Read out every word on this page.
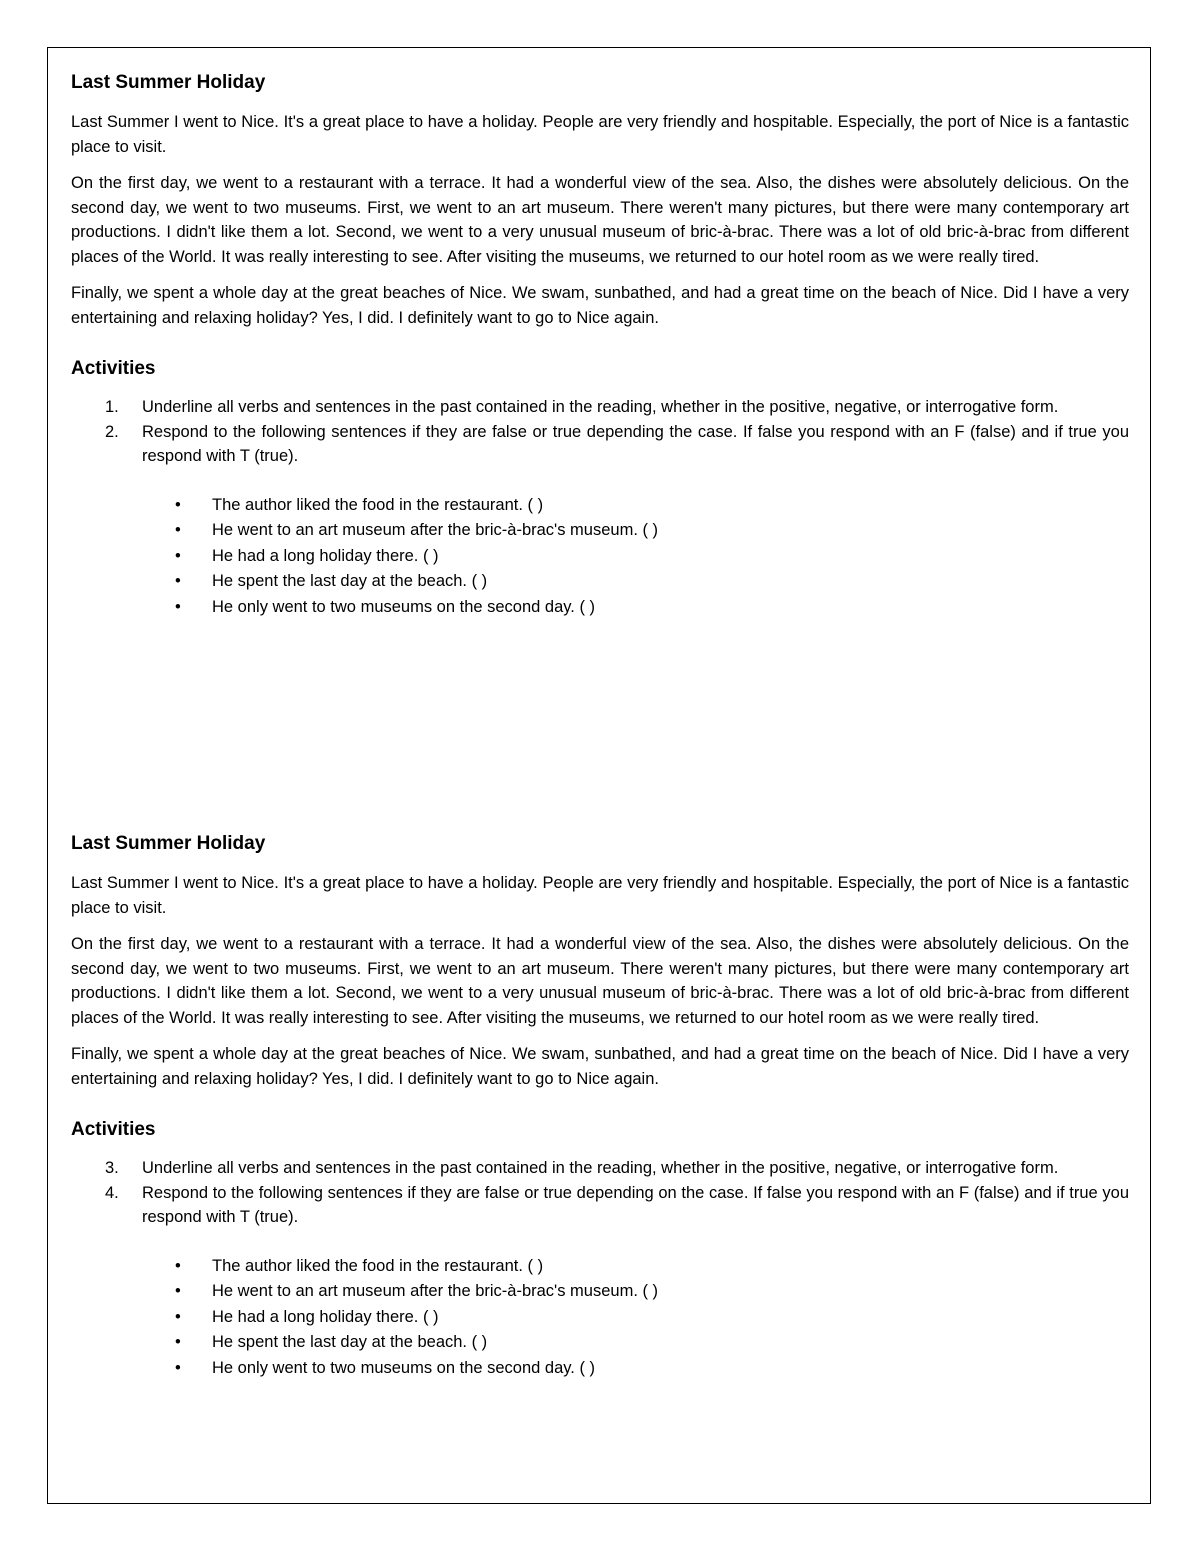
Last Summer Holiday

Last Summer I went to Nice. It's a great place to have a holiday. People are very friendly and hospitable. Especially, the port of Nice is a fantastic place to visit.

On the first day, we went to a restaurant with a terrace. It had a wonderful view of the sea. Also, the dishes were absolutely delicious. On the second day, we went to two museums. First, we went to an art museum. There weren't many pictures, but there were many contemporary art productions. I didn't like them a lot. Second, we went to a very unusual museum of bric-à-brac. There was a lot of old bric-à-brac from different places of the World. It was really interesting to see. After visiting the museums, we returned to our hotel room as we were really tired.

Finally, we spent a whole day at the great beaches of Nice. We swam, sunbathed, and had a great time on the beach of Nice. Did I have a very entertaining and relaxing holiday? Yes, I did. I definitely want to go to Nice again.

Activities
1. Underline all verbs and sentences in the past contained in the reading, whether in the positive, negative, or interrogative form.
2. Respond to the following sentences if they are false or true depending the case. If false you respond with an F (false) and if true you respond with T (true).
• The author liked the food in the restaurant. ( )
• He went to an art museum after the bric-à-brac's museum. ( )
• He had a long holiday there. ( )
• He spent the last day at the beach. ( )
• He only went to two museums on the second day. ( )
Last Summer Holiday

Last Summer I went to Nice. It's a great place to have a holiday. People are very friendly and hospitable. Especially, the port of Nice is a fantastic place to visit.

On the first day, we went to a restaurant with a terrace. It had a wonderful view of the sea. Also, the dishes were absolutely delicious. On the second day, we went to two museums. First, we went to an art museum. There weren't many pictures, but there were many contemporary art productions. I didn't like them a lot. Second, we went to a very unusual museum of bric-à-brac. There was a lot of old bric-à-brac from different places of the World. It was really interesting to see. After visiting the museums, we returned to our hotel room as we were really tired.

Finally, we spent a whole day at the great beaches of Nice. We swam, sunbathed, and had a great time on the beach of Nice. Did I have a very entertaining and relaxing holiday? Yes, I did. I definitely want to go to Nice again.

Activities
3. Underline all verbs and sentences in the past contained in the reading, whether in the positive, negative, or interrogative form.
4. Respond to the following sentences if they are false or true depending on the case. If false you respond with an F (false) and if true you respond with T (true).
• The author liked the food in the restaurant. ( )
• He went to an art museum after the bric-à-brac's museum. ( )
• He had a long holiday there. ( )
• He spent the last day at the beach. ( )
• He only went to two museums on the second day. ( )
